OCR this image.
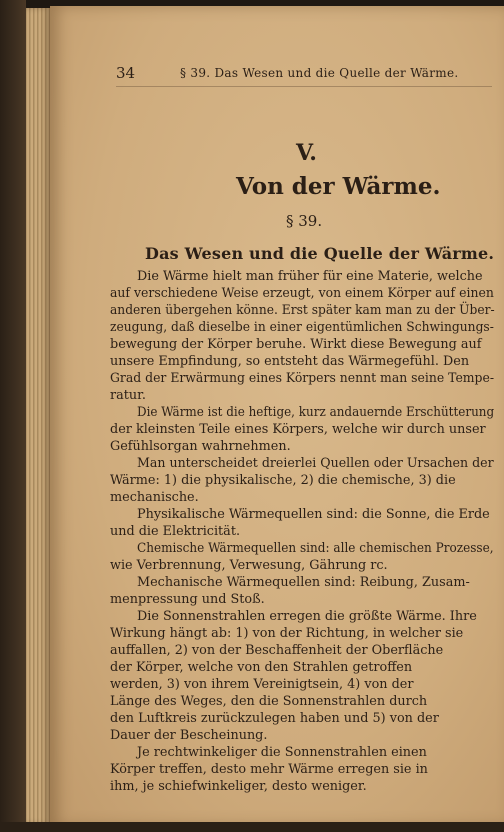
34	§ 39. Das Wesen und die Quelle der Wärme.
V.
Von der Wärme.
§ 39.
Das Wesen und die Quelle der Wärme.
Die Wärme hielt man früher für eine Materie, welche
auf verschiedene Weise erzeugt, von einem Körper auf einen
anderen übergehen könne. Erst später kam man zu der Über-
zeugung, daß dieselbe in einer eigentümlichen Schwingungs-
bewegung der Körper beruhe. Wirkt diese Bewegung auf
unsere Empfindung, so entsteht das Wärmegefühl. Den
Grad der Erwärmung eines Körpers nennt man seine Tempe-
ratur.
Die Wärme ist die heftige, kurz andauernde Erschütterung
der kleinsten Teile eines Körpers, welche wir durch unser
Gefühlsorgan wahrnehmen.
Man unterscheidet dreierlei Quellen oder Ursachen der
Wärme: 1) die physikalische, 2) die chemische, 3) die
mechanische.
Physikalische Wärmequellen sind: die Sonne, die Erde
und die Elektricität.
Chemische Wärmequellen sind: alle chemischen Prozesse,
wie Verbrennung, Verwesung, Gährung rc.
Mechanische Wärmequellen sind: Reibung, Zusam-
menpressung und Stoß.
Die Sonnenstrahlen erregen die größte Wärme. Ihre
Wirkung hängt ab: 1) von der Richtung, in welcher sie
auffallen, 2) von der Beschaffenheit der Oberfläche
der Körper, welche von den Strahlen getroffen
werden, 3) von ihrem Vereinigtsein, 4) von der
Länge des Weges, den die Sonnenstrahlen durch
den Luftkreis zurückzulegen haben und 5) von der
Dauer der Bescheinung.
Je rechtwinkeliger die Sonnenstrahlen einen
Körper treffen, desto mehr Wärme erregen sie in
ihm, je schiefwinkeliger, desto weniger.
